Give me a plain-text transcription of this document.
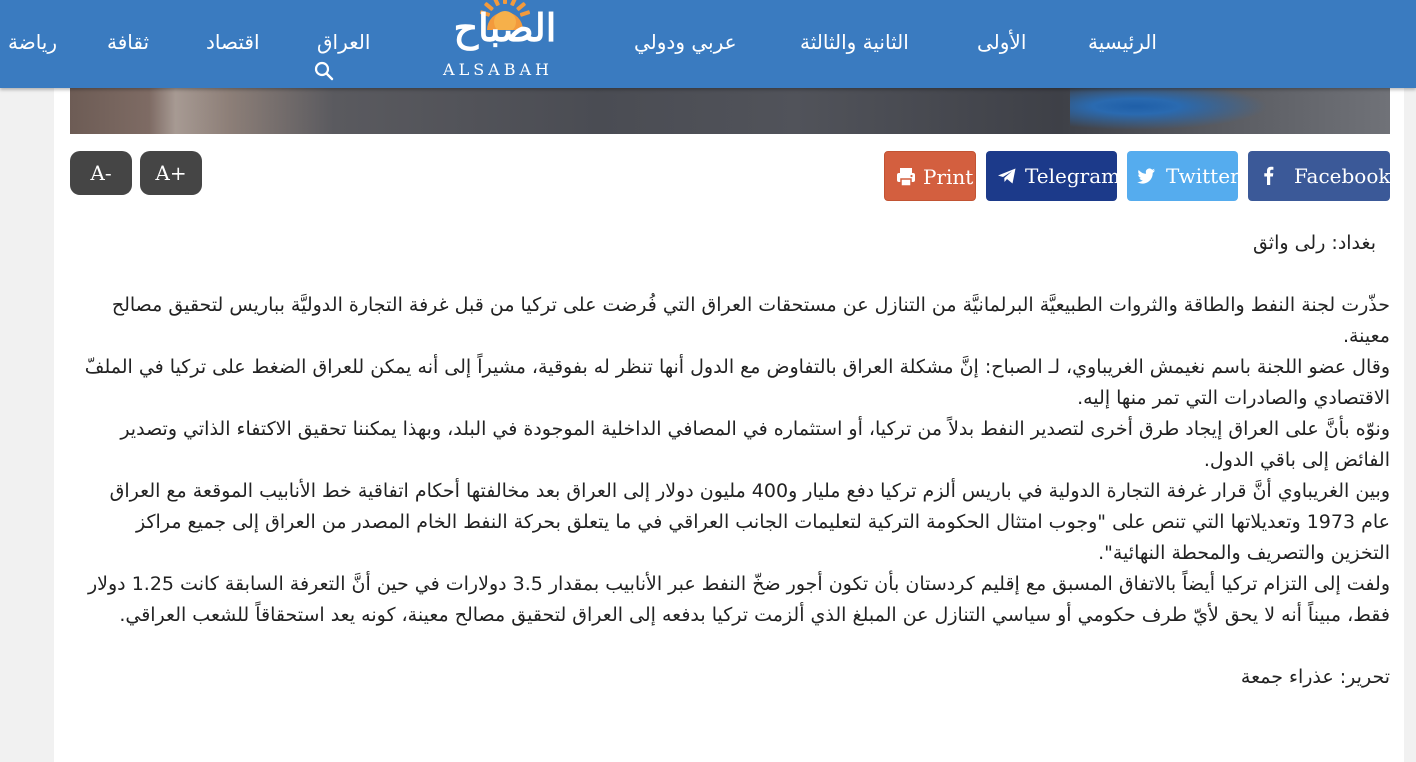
الرئيسية
الأولى
الثانية والثالثة
عربي ودولي
الصباح
ALSABAH
العراق
اقتصاد
ثقافة
رياضة
A-	A+	Print	Telegram Twitter	Facebook

بغداد: رلى واثق

حذّرت لجنة النفط والطاقة والثروات الطبيعيَّة البرلمانيَّة من التنازل عن مستحقات العراق التي فُرضت على تركيا من قبل غرفة التجارة الدوليَّة بباريس لتحقيق مصالح معينة.

وقال عضو اللجنة باسم نغيمش الغريباوي، لـ الصباح: إنَّ مشكلة العراق بالتفاوض مع الدول أنها تنظر له بفوقية، مشيراً إلى أنه يمكن للعراق الضغط على تركيا في الملفّ الاقتصادي والصادرات التي تمر منها إليه.

ونوّه بأنَّ على العراق إيجاد طرق أخرى لتصدير النفط بدلاً من تركيا، أو استثماره في المصافي الداخلية الموجودة في البلد، وبهذا يمكننا تحقيق الاكتفاء الذاتي وتصدير الفائض إلى باقي الدول.

وبين الغريباوي أنَّ قرار غرفة التجارة الدولية في باريس ألزم تركيا دفع مليار و400 مليون دولار إلى العراق بعد مخالفتها أحكام اتفاقية خط الأنابيب الموقعة مع العراق عام 1973 وتعديلاتها التي تنص على "وجوب امتثال الحكومة التركية لتعليمات الجانب العراقي في ما يتعلق بحركة النفط الخام المصدر من العراق إلى جميع مراكز التخزين والتصريف والمحطة النهائية".

ولفت إلى التزام تركيا أيضاً بالاتفاق المسبق مع إقليم كردستان بأن تكون أجور ضخّ النفط عبر الأنابيب بمقدار 3.5 دولارات في حين أنَّ التعرفة السابقة كانت 1.25 دولار فقط، مبيناً أنه لا يحق لأيّ طرف حكومي أو سياسي التنازل عن المبلغ الذي ألزمت تركيا بدفعه إلى العراق لتحقيق مصالح معينة، كونه يعد استحقاقاً للشعب العراقي.

تحرير: عذراء جمعة
